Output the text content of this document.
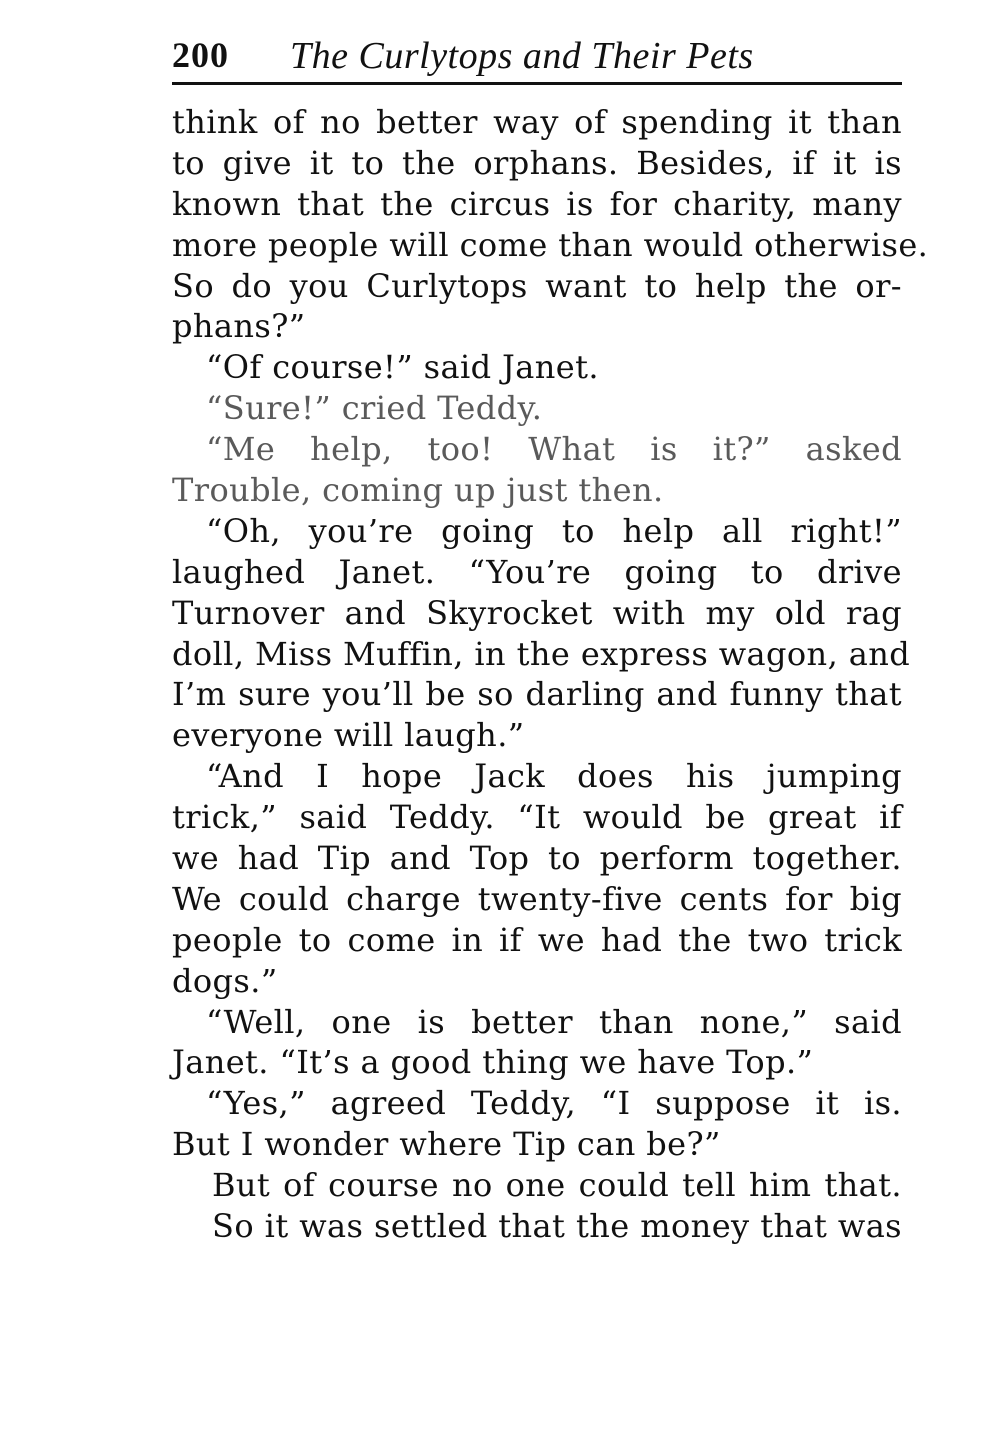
200 The Curlytops and Their Pets
think of no better way of spending it than
to give it to the orphans. Besides, if it is
known that the circus is for charity, many
more people will come than would otherwise.
So do you Curlytops want to help the or-
phans?”
“Of course!” said Janet.
“Sure!” cried Teddy.
“Me help, too! What is it?” asked
Trouble, coming up just then.
“Oh, you’re going to help all right!”
laughed Janet. “You’re going to drive
Turnover and Skyrocket with my old rag
doll, Miss Muffin, in the express wagon, and
I’m sure you’ll be so darling and funny that
everyone will laugh.”
“And I hope Jack does his jumping
trick,” said Teddy. “It would be great if
we had Tip and Top to perform together.
We could charge twenty-five cents for big
people to come in if we had the two trick
dogs.”
“Well, one is better than none,” said
Janet. “It’s a good thing we have Top.”
“Yes,” agreed Teddy, “I suppose it is.
But I wonder where Tip can be?”
But of course no one could tell him that.
So it was settled that the money that was
